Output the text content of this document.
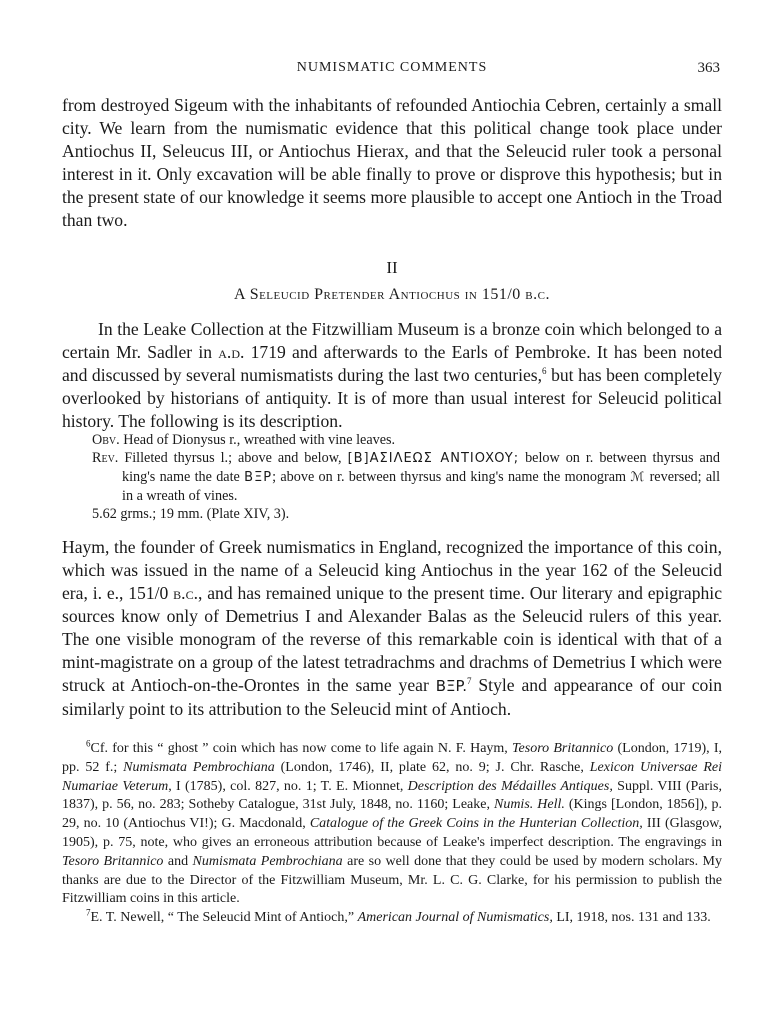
NUMISMATIC COMMENTS	363
from destroyed Sigeum with the inhabitants of refounded Antiochia Cebren, certainly a small city. We learn from the numismatic evidence that this political change took place under Antiochus II, Seleucus III, or Antiochus Hierax, and that the Seleucid ruler took a personal interest in it. Only excavation will be able finally to prove or disprove this hypothesis; but in the present state of our knowledge it seems more plausible to accept one Antioch in the Troad than two.
II
A Seleucid Pretender Antiochus in 151/0 b.c.
In the Leake Collection at the Fitzwilliam Museum is a bronze coin which belonged to a certain Mr. Sadler in a.d. 1719 and afterwards to the Earls of Pembroke. It has been noted and discussed by several numismatists during the last two centuries,$^6$ but has been completely overlooked by historians of antiquity. It is of more than usual interest for Seleucid political history. The following is its description.
Obv. Head of Dionysus r., wreathed with vine leaves.
Rev. Filleted thyrsus l.; above and below, [B]AΣIΛEΩΣ ANTIOXOY; below on r. between thyrsus and king's name the date BΞP; above on r. between thyrsus and king's name the monogram ℳ reversed; all in a wreath of vines.
5.62 grms.; 19 mm. (Plate XIV, 3).
Haym, the founder of Greek numismatics in England, recognized the importance of this coin, which was issued in the name of a Seleucid king Antiochus in the year 162 of the Seleucid era, i. e., 151/0 b.c., and has remained unique to the present time. Our literary and epigraphic sources know only of Demetrius I and Alexander Balas as the Seleucid rulers of this year. The one visible monogram of the reverse of this remarkable coin is identical with that of a mint-magistrate on a group of the latest tetradrachms and drachms of Demetrius I which were struck at Antioch-on-the-Orontes in the same year BΞP.$^7$ Style and appearance of our coin similarly point to its attribution to the Seleucid mint of Antioch.

$^6$Cf. for this “ ghost ” coin which has now come to life again N. F. Haym, Tesoro Britannico (London, 1719), I, pp. 52 f.; Numismata Pembrochiana (London, 1746), II, plate 62, no. 9; J. Chr. Rasche, Lexicon Universae Rei Numariae Veterum, I (1785), col. 827, no. 1; T. E. Mionnet, Description des Médailles Antiques, Suppl. VIII (Paris, 1837), p. 56, no. 283; Sotheby Catalogue, 31st July, 1848, no. 1160; Leake, Numis. Hell. (Kings [London, 1856]), p. 29, no. 10 (Antiochus VI!); G. Macdonald, Catalogue of the Greek Coins in the Hunterian Collection, III (Glasgow, 1905), p. 75, note, who gives an erroneous attribution because of Leake's imperfect description. The engravings in Tesoro Britannico and Numismata Pembrochiana are so well done that they could be used by modern scholars. My thanks are due to the Director of the Fitzwilliam Museum, Mr. L. C. G. Clarke, for his permission to publish the Fitzwilliam coins in this article.

$^7$E. T. Newell, “ The Seleucid Mint of Antioch,” American Journal of Numismatics, LI, 1918, nos. 131 and 133.
